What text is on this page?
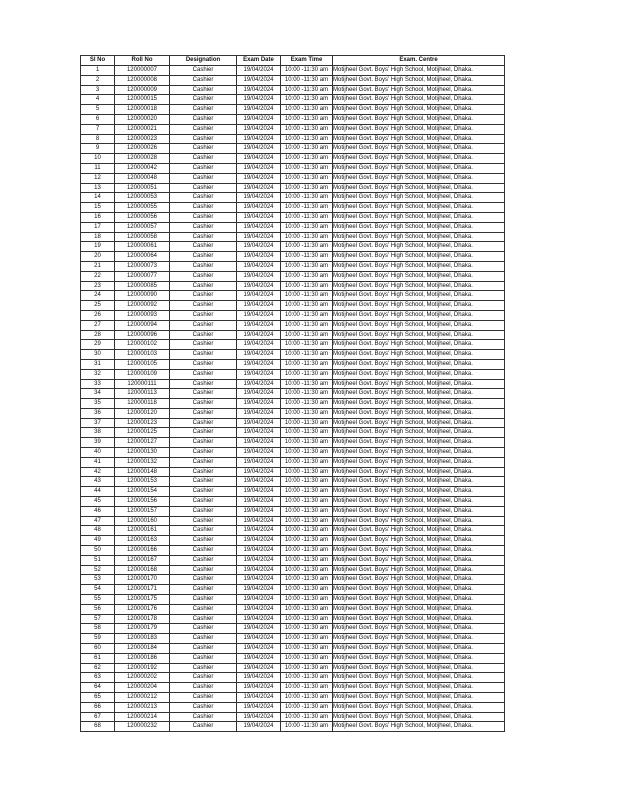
Sl No	Roll No	Designation	Exam Date	Exam Time	Exam. Centre
1	120000007	Cashier	19/04/2024	10:00 -11:30 am	Motijheel Govt. Boys' High School, Motijheel, Dhaka.
2	120000008	Cashier	19/04/2024	10:00 -11:30 am	Motijheel Govt. Boys' High School, Motijheel, Dhaka.
3	120000009	Cashier	19/04/2024	10:00 -11:30 am	Motijheel Govt. Boys' High School, Motijheel, Dhaka.
4	120000015	Cashier	19/04/2024	10:00 -11:30 am	Motijheel Govt. Boys' High School, Motijheel, Dhaka.
5	120000018	Cashier	19/04/2024	10:00 -11:30 am	Motijheel Govt. Boys' High School, Motijheel, Dhaka.
6	120000020	Cashier	19/04/2024	10:00 -11:30 am	Motijheel Govt. Boys' High School, Motijheel, Dhaka.
7	120000021	Cashier	19/04/2024	10:00 -11:30 am	Motijheel Govt. Boys' High School, Motijheel, Dhaka.
8	120000023	Cashier	19/04/2024	10:00 -11:30 am	Motijheel Govt. Boys' High School, Motijheel, Dhaka.
9	120000026	Cashier	19/04/2024	10:00 -11:30 am	Motijheel Govt. Boys' High School, Motijheel, Dhaka.
10	120000028	Cashier	19/04/2024	10:00 -11:30 am	Motijheel Govt. Boys' High School, Motijheel, Dhaka.
11	120000042	Cashier	19/04/2024	10:00 -11:30 am	Motijheel Govt. Boys' High School, Motijheel, Dhaka.
12	120000048	Cashier	19/04/2024	10:00 -11:30 am	Motijheel Govt. Boys' High School, Motijheel, Dhaka.
13	120000051	Cashier	19/04/2024	10:00 -11:30 am	Motijheel Govt. Boys' High School, Motijheel, Dhaka.
14	120000053	Cashier	19/04/2024	10:00 -11:30 am	Motijheel Govt. Boys' High School, Motijheel, Dhaka.
15	120000055	Cashier	19/04/2024	10:00 -11:30 am	Motijheel Govt. Boys' High School, Motijheel, Dhaka.
16	120000056	Cashier	19/04/2024	10:00 -11:30 am	Motijheel Govt. Boys' High School, Motijheel, Dhaka.
17	120000057	Cashier	19/04/2024	10:00 -11:30 am	Motijheel Govt. Boys' High School, Motijheel, Dhaka.
18	120000058	Cashier	19/04/2024	10:00 -11:30 am	Motijheel Govt. Boys' High School, Motijheel, Dhaka.
19	120000061	Cashier	19/04/2024	10:00 -11:30 am	Motijheel Govt. Boys' High School, Motijheel, Dhaka.
20	120000064	Cashier	19/04/2024	10:00 -11:30 am	Motijheel Govt. Boys' High School, Motijheel, Dhaka.
21	120000073	Cashier	19/04/2024	10:00 -11:30 am	Motijheel Govt. Boys' High School, Motijheel, Dhaka.
22	120000077	Cashier	19/04/2024	10:00 -11:30 am	Motijheel Govt. Boys' High School, Motijheel, Dhaka.
23	120000085	Cashier	19/04/2024	10:00 -11:30 am	Motijheel Govt. Boys' High School, Motijheel, Dhaka.
24	120000090	Cashier	19/04/2024	10:00 -11:30 am	Motijheel Govt. Boys' High School, Motijheel, Dhaka.
25	120000092	Cashier	19/04/2024	10:00 -11:30 am	Motijheel Govt. Boys' High School, Motijheel, Dhaka.
26	120000093	Cashier	19/04/2024	10:00 -11:30 am	Motijheel Govt. Boys' High School, Motijheel, Dhaka.
27	120000094	Cashier	19/04/2024	10:00 -11:30 am	Motijheel Govt. Boys' High School, Motijheel, Dhaka.
28	120000096	Cashier	19/04/2024	10:00 -11:30 am	Motijheel Govt. Boys' High School, Motijheel, Dhaka.
29	120000102	Cashier	19/04/2024	10:00 -11:30 am	Motijheel Govt. Boys' High School, Motijheel, Dhaka.
30	120000103	Cashier	19/04/2024	10:00 -11:30 am	Motijheel Govt. Boys' High School, Motijheel, Dhaka.
31	120000105	Cashier	19/04/2024	10:00 -11:30 am	Motijheel Govt. Boys' High School, Motijheel, Dhaka.
32	120000109	Cashier	19/04/2024	10:00 -11:30 am	Motijheel Govt. Boys' High School, Motijheel, Dhaka.
33	120000111	Cashier	19/04/2024	10:00 -11:30 am	Motijheel Govt. Boys' High School, Motijheel, Dhaka.
34	120000113	Cashier	19/04/2024	10:00 -11:30 am	Motijheel Govt. Boys' High School, Motijheel, Dhaka.
35	120000118	Cashier	19/04/2024	10:00 -11:30 am	Motijheel Govt. Boys' High School, Motijheel, Dhaka.
36	120000120	Cashier	19/04/2024	10:00 -11:30 am	Motijheel Govt. Boys' High School, Motijheel, Dhaka.
37	120000123	Cashier	19/04/2024	10:00 -11:30 am	Motijheel Govt. Boys' High School, Motijheel, Dhaka.
38	120000125	Cashier	19/04/2024	10:00 -11:30 am	Motijheel Govt. Boys' High School, Motijheel, Dhaka.
39	120000127	Cashier	19/04/2024	10:00 -11:30 am	Motijheel Govt. Boys' High School, Motijheel, Dhaka.
40	120000130	Cashier	19/04/2024	10:00 -11:30 am	Motijheel Govt. Boys' High School, Motijheel, Dhaka.
41	120000132	Cashier	19/04/2024	10:00 -11:30 am	Motijheel Govt. Boys' High School, Motijheel, Dhaka.
42	120000148	Cashier	19/04/2024	10:00 -11:30 am	Motijheel Govt. Boys' High School, Motijheel, Dhaka.
43	120000153	Cashier	19/04/2024	10:00 -11:30 am	Motijheel Govt. Boys' High School, Motijheel, Dhaka.
44	120000154	Cashier	19/04/2024	10:00 -11:30 am	Motijheel Govt. Boys' High School, Motijheel, Dhaka.
45	120000156	Cashier	19/04/2024	10:00 -11:30 am	Motijheel Govt. Boys' High School, Motijheel, Dhaka.
46	120000157	Cashier	19/04/2024	10:00 -11:30 am	Motijheel Govt. Boys' High School, Motijheel, Dhaka.
47	120000160	Cashier	19/04/2024	10:00 -11:30 am	Motijheel Govt. Boys' High School, Motijheel, Dhaka.
48	120000161	Cashier	19/04/2024	10:00 -11:30 am	Motijheel Govt. Boys' High School, Motijheel, Dhaka.
49	120000163	Cashier	19/04/2024	10:00 -11:30 am	Motijheel Govt. Boys' High School, Motijheel, Dhaka.
50	120000166	Cashier	19/04/2024	10:00 -11:30 am	Motijheel Govt. Boys' High School, Motijheel, Dhaka.
51	120000167	Cashier	19/04/2024	10:00 -11:30 am	Motijheel Govt. Boys' High School, Motijheel, Dhaka.
52	120000168	Cashier	19/04/2024	10:00 -11:30 am	Motijheel Govt. Boys' High School, Motijheel, Dhaka.
53	120000170	Cashier	19/04/2024	10:00 -11:30 am	Motijheel Govt. Boys' High School, Motijheel, Dhaka.
54	120000171	Cashier	19/04/2024	10:00 -11:30 am	Motijheel Govt. Boys' High School, Motijheel, Dhaka.
55	120000175	Cashier	19/04/2024	10:00 -11:30 am	Motijheel Govt. Boys' High School, Motijheel, Dhaka.
56	120000176	Cashier	19/04/2024	10:00 -11:30 am	Motijheel Govt. Boys' High School, Motijheel, Dhaka.
57	120000178	Cashier	19/04/2024	10:00 -11:30 am	Motijheel Govt. Boys' High School, Motijheel, Dhaka.
58	120000179	Cashier	19/04/2024	10:00 -11:30 am	Motijheel Govt. Boys' High School, Motijheel, Dhaka.
59	120000183	Cashier	19/04/2024	10:00 -11:30 am	Motijheel Govt. Boys' High School, Motijheel, Dhaka.
60	120000184	Cashier	19/04/2024	10:00 -11:30 am	Motijheel Govt. Boys' High School, Motijheel, Dhaka.
61	120000186	Cashier	19/04/2024	10:00 -11:30 am	Motijheel Govt. Boys' High School, Motijheel, Dhaka.
62	120000192	Cashier	19/04/2024	10:00 -11:30 am	Motijheel Govt. Boys' High School, Motijheel, Dhaka.
63	120000202	Cashier	19/04/2024	10:00 -11:30 am	Motijheel Govt. Boys' High School, Motijheel, Dhaka.
64	120000204	Cashier	19/04/2024	10:00 -11:30 am	Motijheel Govt. Boys' High School, Motijheel, Dhaka.
65	120000212	Cashier	19/04/2024	10:00 -11:30 am	Motijheel Govt. Boys' High School, Motijheel, Dhaka.
66	120000213	Cashier	19/04/2024	10:00 -11:30 am	Motijheel Govt. Boys' High School, Motijheel, Dhaka.
67	120000214	Cashier	19/04/2024	10:00 -11:30 am	Motijheel Govt. Boys' High School, Motijheel, Dhaka.
68	120000232	Cashier	19/04/2024	10:00 -11:30 am	Motijheel Govt. Boys' High School, Motijheel, Dhaka.
